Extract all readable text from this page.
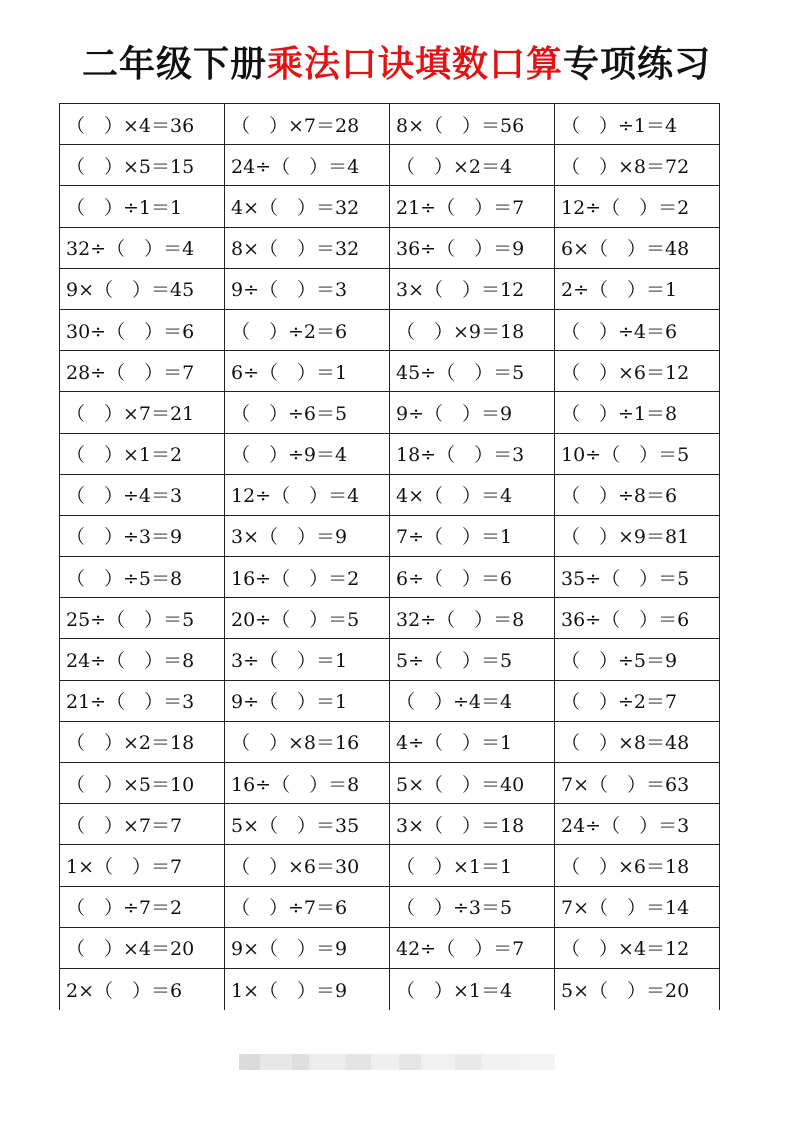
二年级下册乘法口诀填数口算专项练习
（　）×4＝36	（　）×7＝28	8×（　）＝56	（　）÷1＝4
（　）×5＝15	24÷（　）＝4	（　）×2＝4	（　）×8＝72
（　）÷1＝1	4×（　）＝32	21÷（　）＝7	12÷（　）＝2
32÷（　）＝4	8×（　）＝32	36÷（　）＝9	6×（　）＝48
9×（　）＝45	9÷（　）＝3	3×（　）＝12	2÷（　）＝1
30÷（　）＝6	（　）÷2＝6	（　）×9＝18	（　）÷4＝6
28÷（　）＝7	6÷（　）＝1	45÷（　）＝5	（　）×6＝12
（　）×7＝21	（　）÷6＝5	9÷（　）＝9	（　）÷1＝8
（　）×1＝2	（　）÷9＝4	18÷（　）＝3	10÷（　）＝5
（　）÷4＝3	12÷（　）＝4	4×（　）＝4	（　）÷8＝6
（　）÷3＝9	3×（　）＝9	7÷（　）＝1	（　）×9＝81
（　）÷5＝8	16÷（　）＝2	6÷（　）＝6	35÷（　）＝5
25÷（　）＝5	20÷（　）＝5	32÷（　）＝8	36÷（　）＝6
24÷（　）＝8	3÷（　）＝1	5÷（　）＝5	（　）÷5＝9
21÷（　）＝3	9÷（　）＝1	（　）÷4＝4	（　）÷2＝7
（　）×2＝18	（　）×8＝16	4÷（　）＝1	（　）×8＝48
（　）×5＝10	16÷（　）＝8	5×（　）＝40	7×（　）＝63
（　）×7＝7	5×（　）＝35	3×（　）＝18	24÷（　）＝3
1×（　）＝7	（　）×6＝30	（　）×1＝1	（　）×6＝18
（　）÷7＝2	（　）÷7＝6	（　）÷3＝5	7×（　）＝14
（　）×4＝20	9×（　）＝9	42÷（　）＝7	（　）×4＝12
2×（　）＝6	1×（　）＝9	（　）×1＝4	5×（　）＝20
